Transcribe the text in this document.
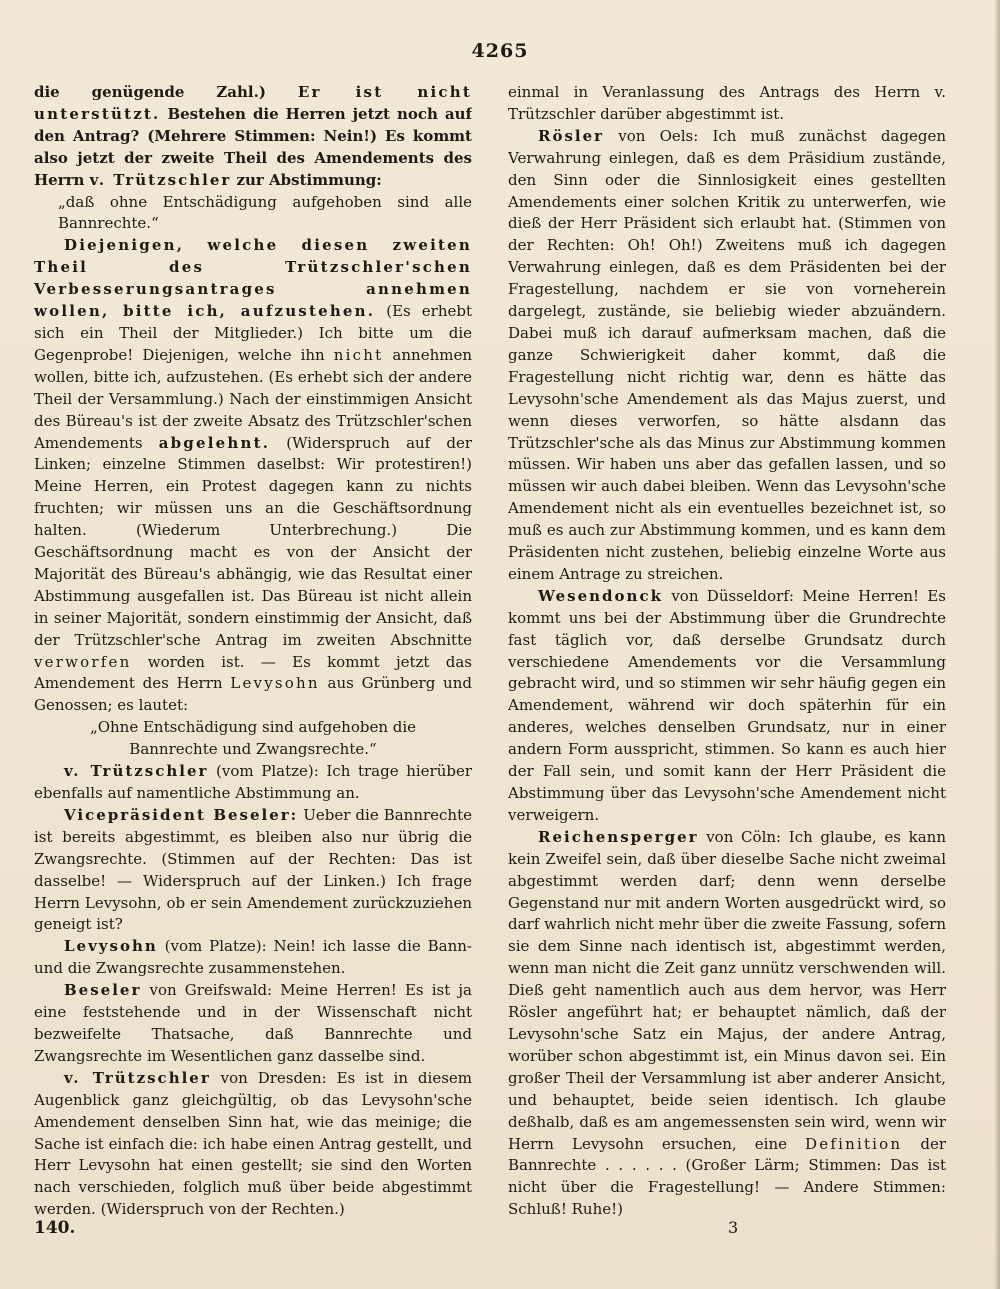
4265

die genügende Zahl.) Er ist nicht unterstützt. Bestehen die Herren jetzt noch auf den Antrag? (Mehrere Stimmen: Nein!) Es kommt also jetzt der zweite Theil des Amendements des Herrn v. Trützschler zur Abstimmung:

„daß ohne Entschädigung aufgehoben sind alle Bannrechte.“

Diejenigen, welche diesen zweiten Theil des Trützschler'schen Verbesserungsantrages annehmen wollen, bitte ich, aufzustehen. (Es erhebt sich ein Theil der Mitglieder.) Ich bitte um die Gegenprobe! Diejenigen, welche ihn nicht annehmen wollen, bitte ich, aufzustehen. (Es erhebt sich der andere Theil der Versammlung.) Nach der einstimmigen Ansicht des Büreau's ist der zweite Absatz des Trützschler'schen Amendements abgelehnt. (Widerspruch auf der Linken; einzelne Stimmen daselbst: Wir protestiren!) Meine Herren, ein Protest dagegen kann zu nichts fruchten; wir müssen uns an die Geschäftsordnung halten. (Wiederum Unterbrechung.) Die Geschäftsordnung macht es von der Ansicht der Majorität des Büreau's abhängig, wie das Resultat einer Abstimmung ausgefallen ist. Das Büreau ist nicht allein in seiner Majorität, sondern einstimmig der Ansicht, daß der Trützschler'sche Antrag im zweiten Abschnitte verworfen worden ist. — Es kommt jetzt das Amendement des Herrn Levysohn aus Grünberg und Genossen; es lautet:

„Ohne Entschädigung sind aufgehoben die Bannrechte und Zwangsrechte.“

v. Trützschler (vom Platze): Ich trage hierüber ebenfalls auf namentliche Abstimmung an.

Vicepräsident Beseler: Ueber die Bannrechte ist bereits abgestimmt, es bleiben also nur übrig die Zwangsrechte. (Stimmen auf der Rechten: Das ist dasselbe! — Widerspruch auf der Linken.) Ich frage Herrn Levysohn, ob er sein Amendement zurückzuziehen geneigt ist?

Levysohn (vom Platze): Nein! ich lasse die Bann- und die Zwangsrechte zusammenstehen.

Beseler von Greifswald: Meine Herren! Es ist ja eine feststehende und in der Wissenschaft nicht bezweifelte Thatsache, daß Bannrechte und Zwangsrechte im Wesentlichen ganz dasselbe sind.

v. Trützschler von Dresden: Es ist in diesem Augenblick ganz gleichgültig, ob das Levysohn'sche Amendement denselben Sinn hat, wie das meinige; die Sache ist einfach die: ich habe einen Antrag gestellt, und Herr Levysohn hat einen gestellt; sie sind den Worten nach verschieden, folglich muß über beide abgestimmt werden. (Widerspruch von der Rechten.)

einmal in Veranlassung des Antrags des Herrn v. Trützschler darüber abgestimmt ist.

Rösler von Oels: Ich muß zunächst dagegen Verwahrung einlegen, daß es dem Präsidium zustände, den Sinn oder die Sinnlosigkeit eines gestellten Amendements einer solchen Kritik zu unterwerfen, wie dieß der Herr Präsident sich erlaubt hat. (Stimmen von der Rechten: Oh! Oh!) Zweitens muß ich dagegen Verwahrung einlegen, daß es dem Präsidenten bei der Fragestellung, nachdem er sie von vorneherein dargelegt, zustände, sie beliebig wieder abzuändern. Dabei muß ich darauf aufmerksam machen, daß die ganze Schwierigkeit daher kommt, daß die Fragestellung nicht richtig war, denn es hätte das Levysohn'sche Amendement als das Majus zuerst, und wenn dieses verworfen, so hätte alsdann das Trützschler'sche als das Minus zur Abstimmung kommen müssen. Wir haben uns aber das gefallen lassen, und so müssen wir auch dabei bleiben. Wenn das Levysohn'sche Amendement nicht als ein eventuelles bezeichnet ist, so muß es auch zur Abstimmung kommen, und es kann dem Präsidenten nicht zustehen, beliebig einzelne Worte aus einem Antrage zu streichen.

Wesendonck von Düsseldorf: Meine Herren! Es kommt uns bei der Abstimmung über die Grundrechte fast täglich vor, daß derselbe Grundsatz durch verschiedene Amendements vor die Versammlung gebracht wird, und so stimmen wir sehr häufig gegen ein Amendement, während wir doch späterhin für ein anderes, welches denselben Grundsatz, nur in einer andern Form ausspricht, stimmen. So kann es auch hier der Fall sein, und somit kann der Herr Präsident die Abstimmung über das Levysohn'sche Amendement nicht verweigern.

Reichensperger von Cöln: Ich glaube, es kann kein Zweifel sein, daß über dieselbe Sache nicht zweimal abgestimmt werden darf; denn wenn derselbe Gegenstand nur mit andern Worten ausgedrückt wird, so darf wahrlich nicht mehr über die zweite Fassung, sofern sie dem Sinne nach identisch ist, abgestimmt werden, wenn man nicht die Zeit ganz unnütz verschwenden will. Dieß geht namentlich auch aus dem hervor, was Herr Rösler angeführt hat; er behauptet nämlich, daß der Levysohn'sche Satz ein Majus, der andere Antrag, worüber schon abgestimmt ist, ein Minus davon sei. Ein großer Theil der Versammlung ist aber anderer Ansicht, und behauptet, beide seien identisch. Ich glaube deßhalb, daß es am angemessensten sein wird, wenn wir Herrn Levysohn ersuchen, eine Definition der Bannrechte . . . . . . (Großer Lärm; Stimmen: Das ist nicht über die Fragestellung! — Andere Stimmen: Schluß! Ruhe!)

140.	3
